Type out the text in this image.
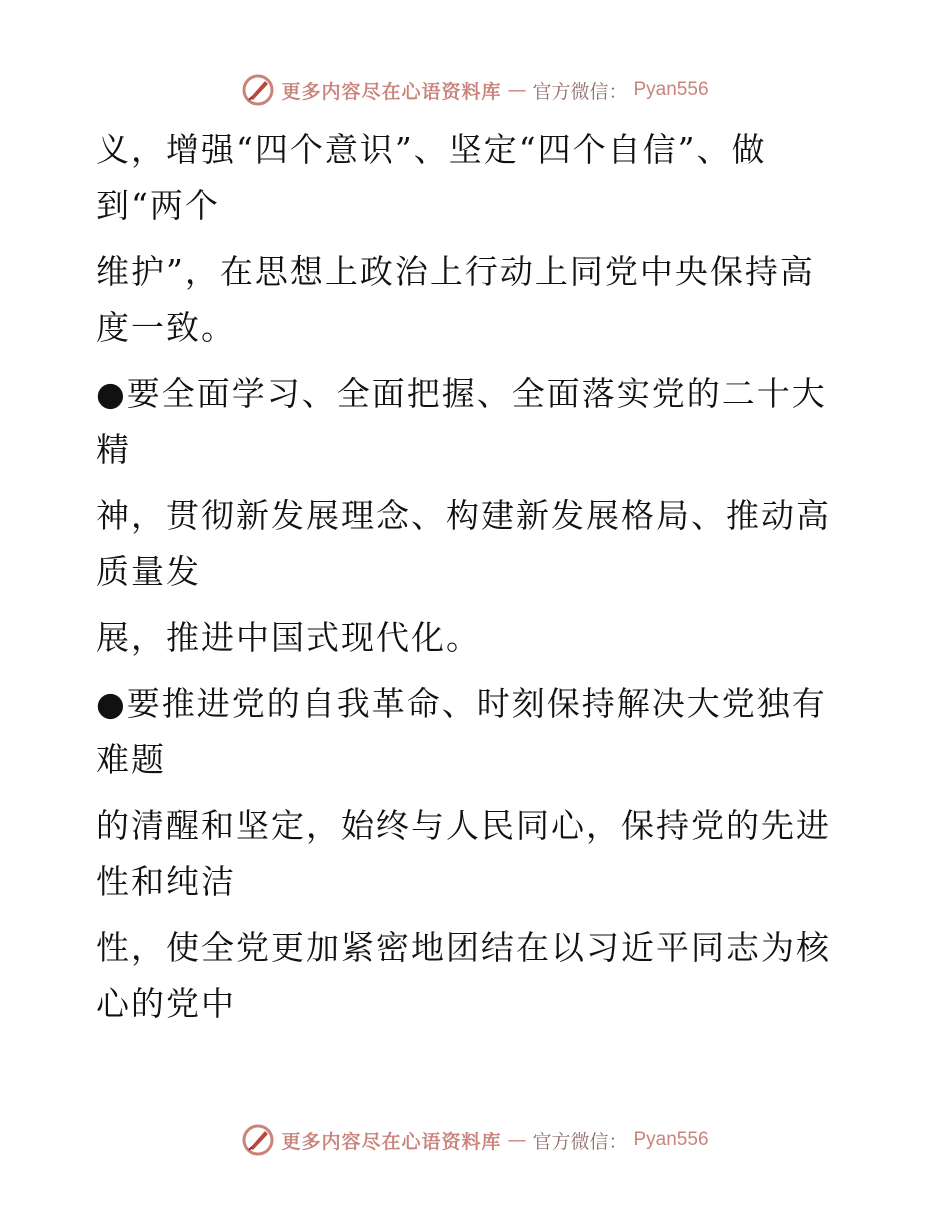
更多内容尽在心语资料库 — 官方微信： Pyan556
义，增强“四个意识”、坚定“四个自信”、做
到“两个
维护”，在思想上政治上行动上同党中央保持高
度一致。
●要全面学习、全面把握、全面落实党的二十大
精
神，贯彻新发展理念、构建新发展格局、推动高
质量发
展，推进中国式现代化。
●要推进党的自我革命、时刻保持解决大党独有
难题
的清醒和坚定，始终与人民同心，保持党的先进
性和纯洁
性，使全党更加紧密地团结在以习近平同志为核
心的党中
更多内容尽在心语资料库 — 官方微信： Pyan556
